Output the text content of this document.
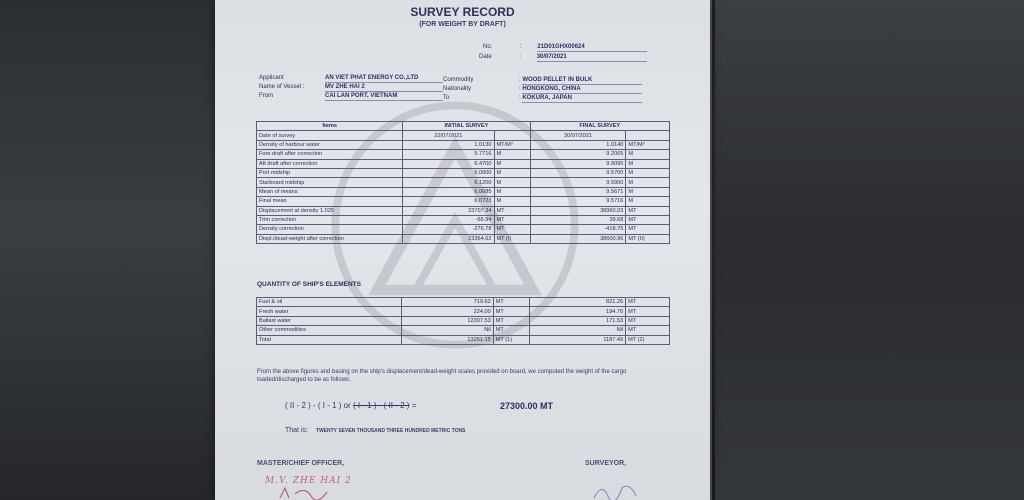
SURVEY RECORD
(FOR WEIGHT BY DRAFT)
No.	:	21D01GHX00624
Date	:	30/07/2021
Applicant	AN VIET PHAT ENERGY CO.,LTD
Name of Vessel :	MV ZHE HAI 2
From	CAI LAN PORT, VIETNAM
Commodity	: WOOD PELLET IN BULK
Nationality	: HONGKONG, CHINA
To	: KOKURA, JAPAN
Items	INITIAL SURVEY		FINAL SURVEY	
Date of survey	22/07/2021		30/07/2021	
Density of harbour water	1.0130	MT/M³	1.0140	MT/M³
Fore draft after correction	5.7716	M	9.2065	M
Aft draft after correction	6.4700	M	9.9095	M
Port midship	6.0000	M	9.5700	M
Starboard midship	6.1200	M	9.5900	M
Mean of means	6.0685	M	9.5671	M
Final mean	6.0723	M	9.5716	M
Displacement at density 1.025	23707.34	MT	38960.03	MT
Trim correction	-65.94	MT	39.68	MT
Density correction	-276.78	MT	-418.75	MT
Displ./dead-weight after correction	23364.62	MT (I)	38600.96	MT (II)
QUANTITY OF SHIP'S ELEMENTS
Fuel & oil	719.62	MT	821.26	MT
Fresh water	224.00	MT	194.70	MT
Ballast water	12307.53	MT	171.53	MT
Other commodities	Nil	MT	Nil	MT
Total	13251.15	MT (1)	1187.49	MT (2)
From the above figures and basing on the ship's displacement/dead-weight scales provided on board, we computed the weight of the cargo loaded/discharged to be as follows:
( II - 2 ) - ( I - 1 ) or ( I - 1 ) - ( II - 2 ) =	27300.00 MT
That is: TWENTY SEVEN THOUSAND THREE HUNDRED METRIC TONS
MASTER/CHIEF OFFICER,	SURVEYOR,
M.V. ZHE HAI 2
